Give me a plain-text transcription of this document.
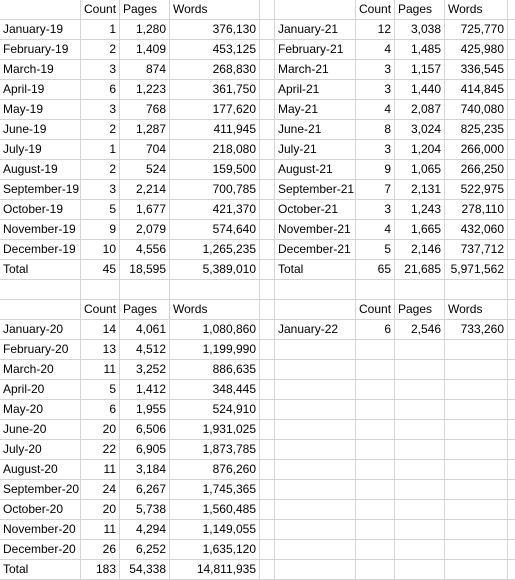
Count Pages	Words	Count Pages	Words
January-19	1	1,280	376,130	January-21	12	3,038	725,770
February-19	2	1,409	453,125	February-21	4	1,485	425,980
March-19	3	874	268,830	March-21	3	1,157	336,545
April-19	6	1,223	361,750	April-21	3	1,440	414,845
May-19	3	768	177,620	May-21	4	2,087	740,080
June-19	2	1,287	411,945	June-21	8	3,024	825,235
July-19	1	704	218,080	July-21	3	1,204	266,000
August-19	2	524	159,500	August-21	9	1,065	266,250
September-19	3	2,214	700,785	September-21	7	2,131	522,975
October-19	5	1,677	421,370	October-21	3	1,243	278,110
November-19	9	2,079	574,640	November-21	4	1,665	432,060
December-19	10	4,556	1,265,235	December-21	5	2,146	737,712
Total	45	18,595	5,389,010	Total	65	21,685 5,971,562
Count Pages	Words	Count Pages	Words
January-20	14	4,061	1,080,860	January-22	6	2,546	733,260
February-20	13	4,512	1,199,990
March-20	11	3,252	886,635
April-20	5	1,412	348,445
May-20	6	1,955	524,910
June-20	20	6,506	1,931,025
July-20	22	6,905	1,873,785
August-20	11	3,184	876,260
September-20	24	6,267	1,745,365
October-20	20	5,738	1,560,485
November-20	11	4,294	1,149,055
December-20	26	6,252	1,635,120
Total	183	54,338	14,811,935
